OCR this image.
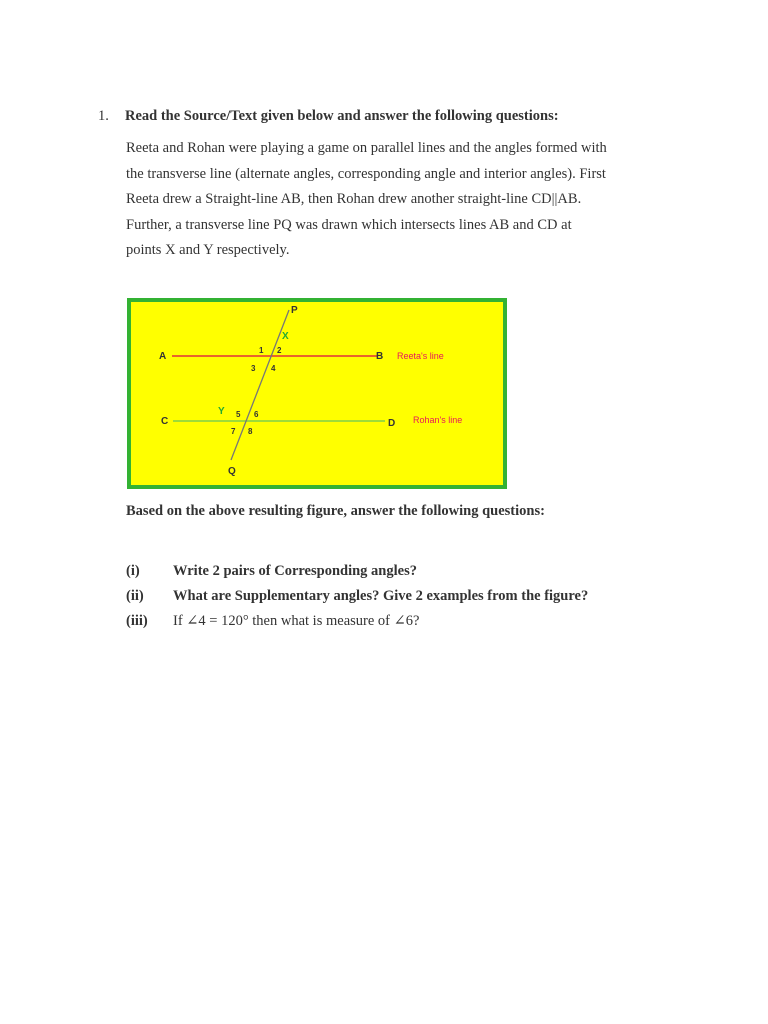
1. Read the Source/Text given below and answer the following questions:
Reeta and Rohan were playing a game on parallel lines and the angles formed with
the transverse line (alternate angles, corresponding angle and interior angles). First
Reeta drew a Straight-line AB, then Rohan drew another straight-line CD||AB.
Further, a transverse line PQ was drawn which intersects lines AB and CD at
points X and Y respectively.
P
Q
A	B
C	D
X
Y
1 2
3 4
5 6
7 8
Reeta's line
Rohan's line
Based on the above resulting figure, answer the following questions:
(i) Write 2 pairs of Corresponding angles?
(ii) What are Supplementary angles? Give 2 examples from the figure?
(iii) If ∠4 = 120° then what is measure of ∠6?
